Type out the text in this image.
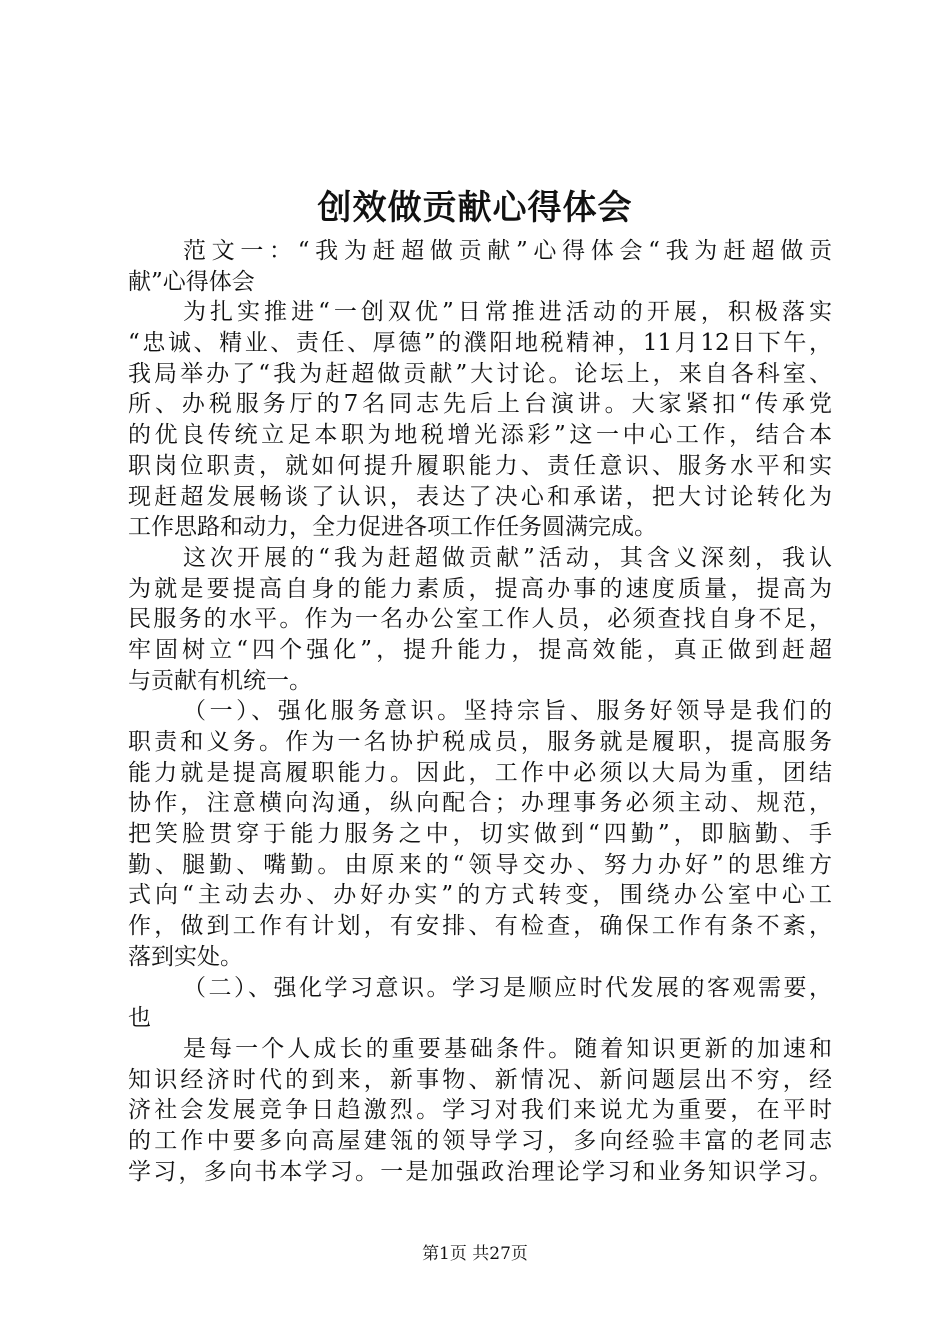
创效做贡献心得体会
范文一：“我为赶超做贡献”心得体会“我为赶超做贡
献”心得体会
为扎实推进“一创双优”日常推进活动的开展，积极落实
“忠诚、精业、责任、厚德”的濮阳地税精神，11月12日下午，
我局举办了“我为赶超做贡献”大讨论。论坛上，来自各科室、
所、办税服务厅的7名同志先后上台演讲。大家紧扣“传承党
的优良传统立足本职为地税增光添彩”这一中心工作，结合本
职岗位职责，就如何提升履职能力、责任意识、服务水平和实
现赶超发展畅谈了认识，表达了决心和承诺，把大讨论转化为
工作思路和动力，全力促进各项工作任务圆满完成。
这次开展的“我为赶超做贡献”活动，其含义深刻，我认
为就是要提高自身的能力素质，提高办事的速度质量，提高为
民服务的水平。作为一名办公室工作人员，必须查找自身不足，
牢固树立“四个强化”，提升能力，提高效能，真正做到赶超
与贡献有机统一。
（一）、强化服务意识。坚持宗旨、服务好领导是我们的
职责和义务。作为一名协护税成员，服务就是履职，提高服务
能力就是提高履职能力。因此，工作中必须以大局为重，团结
协作，注意横向沟通，纵向配合；办理事务必须主动、规范，
把笑脸贯穿于能力服务之中，切实做到“四勤”，即脑勤、手
勤、腿勤、嘴勤。由原来的“领导交办、努力办好”的思维方
式向“主动去办、办好办实”的方式转变，围绕办公室中心工
作，做到工作有计划，有安排、有检查，确保工作有条不紊，
落到实处。
（二）、强化学习意识。学习是顺应时代发展的客观需要，
也
是每一个人成长的重要基础条件。随着知识更新的加速和
知识经济时代的到来，新事物、新情况、新问题层出不穷，经
济社会发展竞争日趋激烈。学习对我们来说尤为重要，在平时
的工作中要多向高屋建瓴的领导学习，多向经验丰富的老同志
学习，多向书本学习。一是加强政治理论学习和业务知识学习。
第1页 共27页
